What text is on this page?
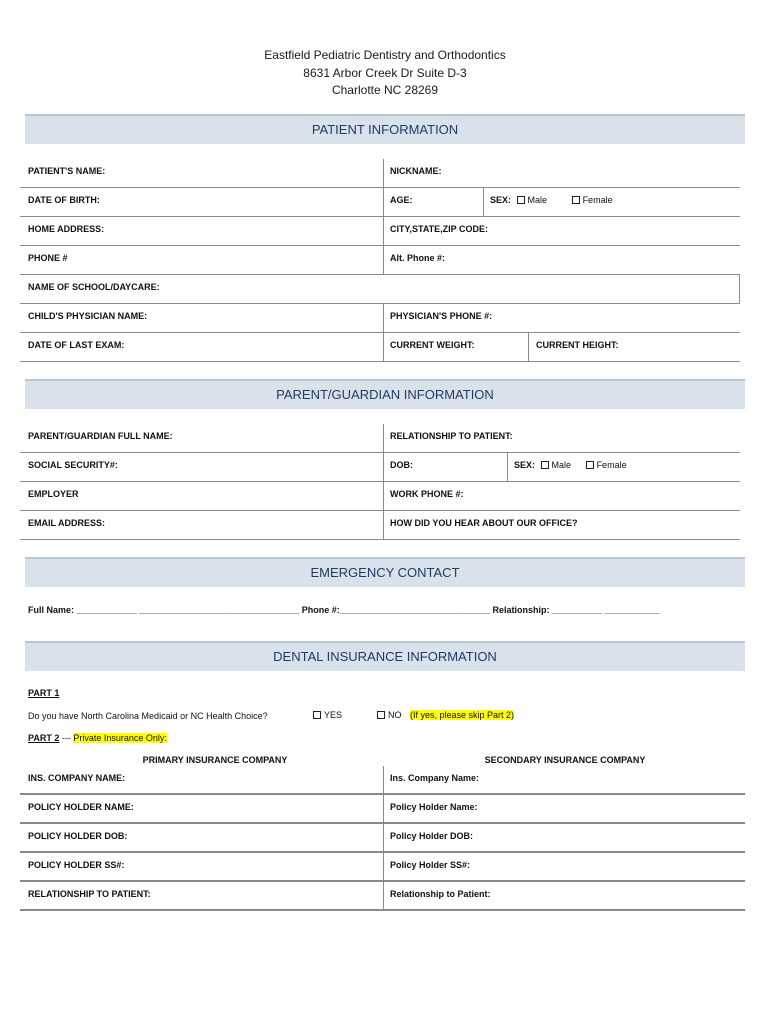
Eastfield Pediatric Dentistry and Orthodontics
8631 Arbor Creek Dr Suite D-3
Charlotte NC 28269
PATIENT INFORMATION
PATIENT'S NAME:	NICKNAME:
DATE OF BIRTH:	AGE:	SEX: Male	Female
HOME ADDRESS:	CITY,STATE,ZIP CODE:
PHONE #	Alt. Phone #:
NAME OF SCHOOL/DAYCARE:
CHILD'S PHYSICIAN NAME:	PHYSICIAN'S PHONE #:
DATE OF LAST EXAM:	CURRENT WEIGHT:	CURRENT HEIGHT:
PARENT/GUARDIAN INFORMATION
PARENT/GUARDIAN FULL NAME:	RELATIONSHIP TO PATIENT:
SOCIAL SECURITY#:	DOB:	SEX: Male	Female
EMPLOYER	WORK PHONE #:
EMAIL ADDRESS:	HOW DID YOU HEAR ABOUT OUR OFFICE?
EMERGENCY CONTACT
Full Name: ____________ ________________________________ Phone #:______________________________ Relationship: __________ ___________
DENTAL INSURANCE INFORMATION
PART 1
Do you have North Carolina Medicaid or NC Health Choice?	YES	NO (If yes, please skip Part 2)
PART 2 --- Private Insurance Only:
PRIMARY INSURANCE COMPANY	SECONDARY INSURANCE COMPANY
INS. COMPANY NAME:	Ins. Company Name:
POLICY HOLDER NAME:	Policy Holder Name:
POLICY HOLDER DOB:	Policy Holder DOB:
POLICY HOLDER SS#:	Policy Holder SS#:
RELATIONSHIP TO PATIENT:	Relationship to Patient:
